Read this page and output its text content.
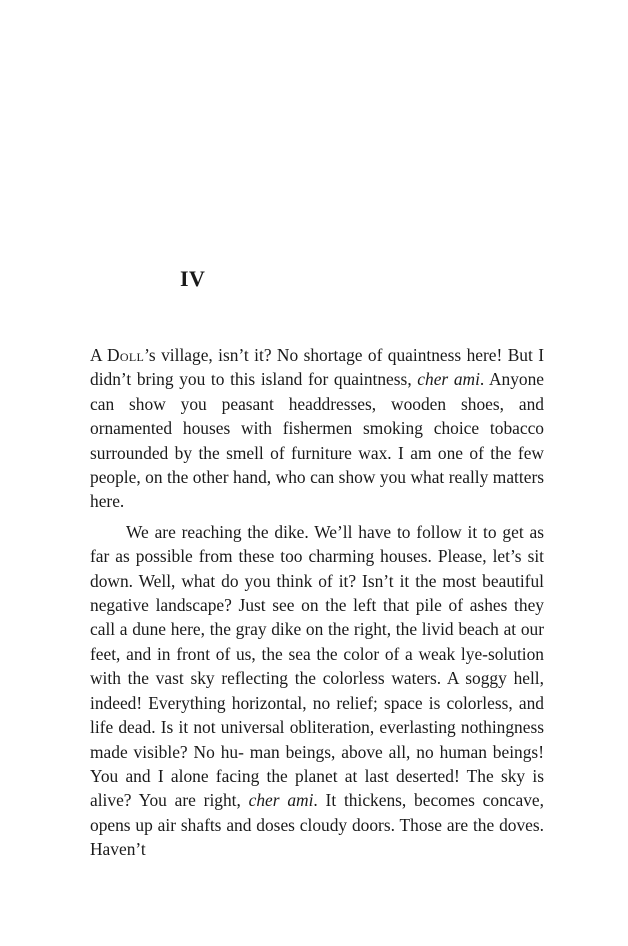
IV

A Doll’s village, isn’t it? No shortage of quaintness here! But I didn’t bring you to this island for quaintness, cher ami. Anyone can show you peasant headdresses, wooden shoes, and ornamented houses with fishermen smoking choice tobacco surrounded by the smell of furniture wax. I am one of the few people, on the other hand, who can show you what really matters here.

We are reaching the dike. We’ll have to follow it to get as far as possible from these too charming houses. Please, let’s sit down. Well, what do you think of it? Isn’t it the most beautiful negative landscape? Just see on the left that pile of ashes they call a dune here, the gray dike on the right, the livid beach at our feet, and in front of us, the sea the color of a weak lye-solution with the vast sky reflecting the colorless waters. A soggy hell, indeed! Everything horizontal, no relief; space is colorless, and life dead. Is it not universal obliteration, everlasting nothingness made visible? No hu- man beings, above all, no human beings! You and I alone facing the planet at last deserted! The sky is alive? You are right, cher ami. It thickens, becomes concave, opens up air shafts and doses cloudy doors. Those are the doves. Haven’t
